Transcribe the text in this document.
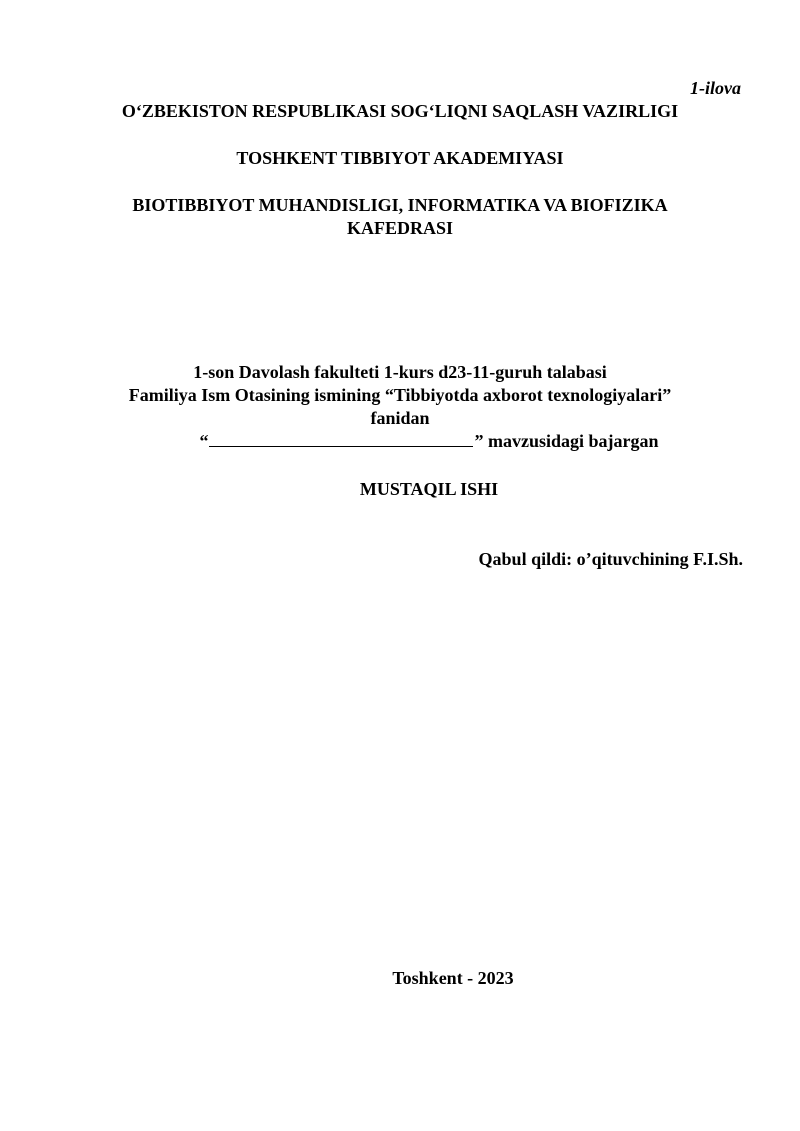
1-ilova
O‘ZBEKISTON RESPUBLIKASI SOG‘LIQNI SAQLASH VAZIRLIGI
TOSHKENT TIBBIYOT AKADEMIYASI
BIOTIBBIYOT MUHANDISLIGI, INFORMATIKA VA BIOFIZIKA
KAFEDRASI
1-son Davolash fakulteti 1-kurs d23-11-guruh talabasi
Familiya Ism Otasining ismining “Tibbiyotda axborot texnologiyalari”
fanidan
“	” mavzusidagi bajargan
MUSTAQIL ISHI
Qabul qildi: o’qituvchining F.I.Sh.
Toshkent - 2023
